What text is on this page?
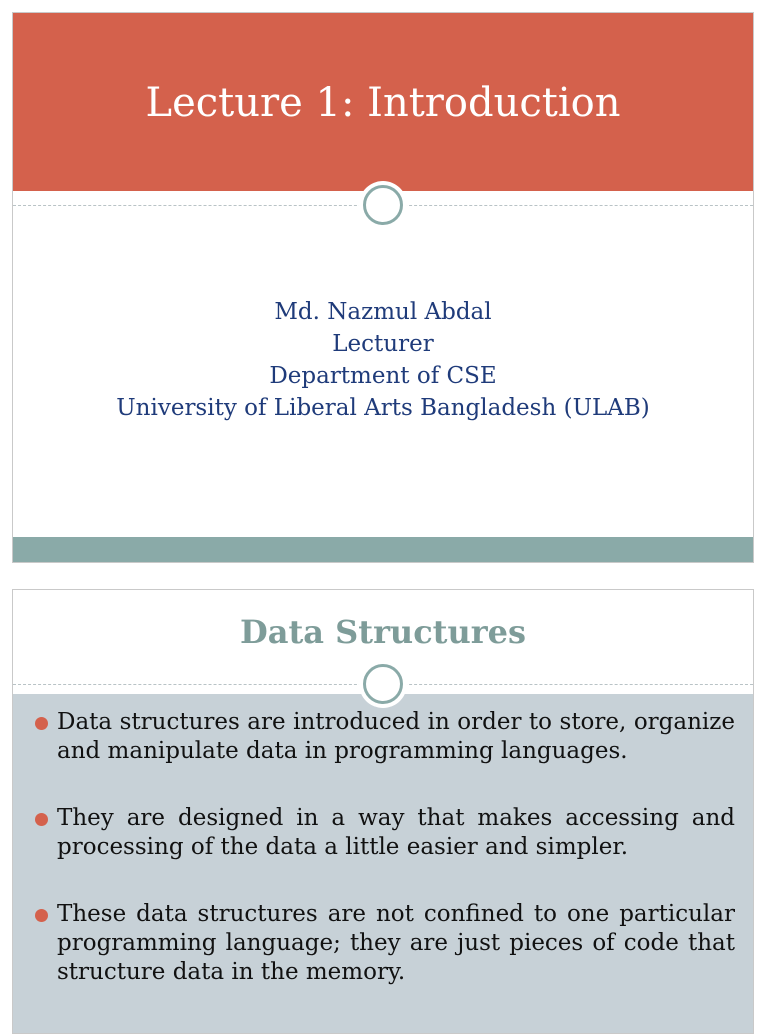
Lecture 1: Introduction
Md. Nazmul Abdal
Lecturer
Department of CSE
University of Liberal Arts Bangladesh (ULAB)
Data Structures
Data structures are introduced in order to store, organize and manipulate data in programming languages.
They are designed in a way that makes accessing and processing of the data a little easier and simpler.
These data structures are not confined to one particular programming language; they are just pieces of code that structure data in the memory.
